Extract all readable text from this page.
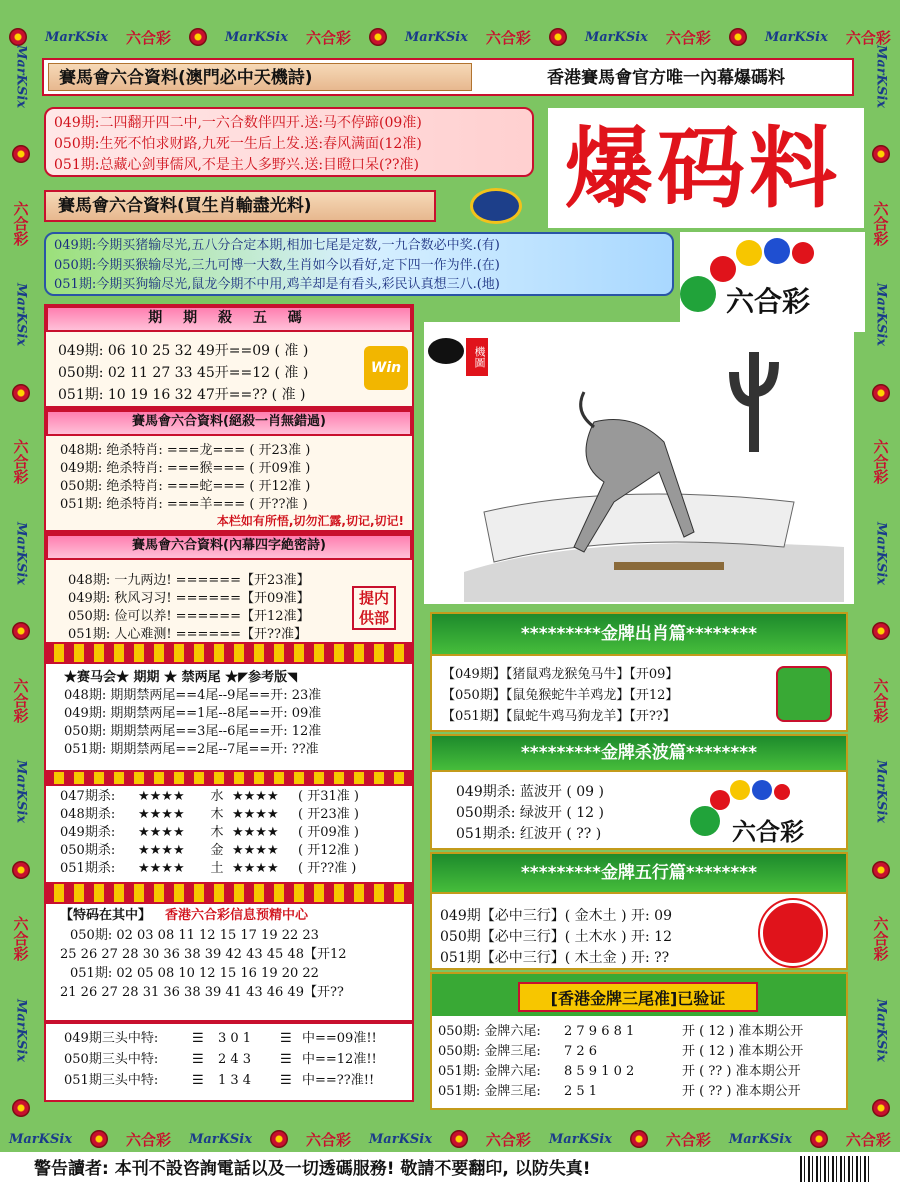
MarKSix 六合彩	MarKSix 六合彩	MarKSix 六合彩	MarKSix 六合彩	MarKSix 六合彩
MarKSix	六合彩 MarKSix	六合彩 MarKSix	六合彩 MarKSix	六合彩 MarKSix	六合彩
MarKSix
六合彩
MarKSix
六合彩
MarKSix
六合彩
MarKSix
六合彩
MarKSix
MarKSix
六合彩
MarKSix
六合彩
MarKSix
六合彩
MarKSix
六合彩
MarKSix
賽馬會六合資料(澳門必中天機詩)	香港賽馬會官方唯一內幕爆碼料
049期:二四翻开四二中,一六合数伴四开.送:马不停蹄(09准)
050期:生死不怕求财路,九死一生后上发.送:春风满面(12准)
051期:总藏心剑事儒风,不是主人多野兴.送:目瞪口呆(??准)	爆码料
賽馬會六合資料(買生肖輸盡光料)
049期:今期买猪输尽光,五八分合定本期,相加七尾是定数,一九合数必中奖.(有)
050期:今期买猴输尽光,三九可博一大数,生肖如今以看好,定下四一作为伴.(在)
051期:今期买狗输尽光,鼠龙今期不中用,鸡羊却是有看头,彩民认真想三八.(地)
六合彩
期 期 殺 五 碼
049期: 06 10 25 32 49开==09 ( 准 )
050期: 02 11 27 33 45开==12 ( 准 )
051期: 10 19 16 32 47开==?? ( 准 )
Win
賽馬會六合資料(絕殺一肖無錯過)
048期: 绝杀特肖: ===龙=== ( 开23准 )
049期: 绝杀特肖: ===猴=== ( 开09准 )
050期: 绝杀特肖: ===蛇=== ( 开12准 )
051期: 绝杀特肖: ===羊=== ( 开??准 )
本栏如有所悟,切勿汇露,切记,切记!
賽馬會六合資料(內幕四字絶密詩)
048期: 一九两边! ======【开23准】
049期: 秋风习习! ======【开09准】
050期: 俭可以养! ======【开12准】
051期: 人心难测! ======【开??准】
提内供部
★赛马会★ 期期 ★ 禁两尾 ★◤参考版◥
048期: 期期禁两尾==4尾--9尾==开: 23准
049期: 期期禁两尾==1尾--8尾==开: 09准
050期: 期期禁两尾==3尾--6尾==开: 12准
051期: 期期禁两尾==2尾--7尾==开: ??准
047期杀:	★★★★	水 ★★★★	( 开31准 )
048期杀:	★★★★	木 ★★★★	( 开23准 )
049期杀:	★★★★	木 ★★★★	( 开09准 )
050期杀:	★★★★	金 ★★★★	( 开12准 )
051期杀:	★★★★	土 ★★★★	( 开??准 )
【特码在其中】 香港六合彩信息预精中心
050期: 02 03 08 11 12 15 17 19 22 23
25 26 27 28 30 36 38 39 42 43 45 48【开12
051期: 02 05 08 10 12 15 16 19 20 22
21 26 27 28 31 36 38 39 41 43 46 49【开??
049期三头中特:	☰	3 0 1	☰ 中==09准!!
050期三头中特:	☰	2 4 3	☰ 中==12准!!
051期三头中特:	☰	1 3 4	☰ 中==??准!!
機圖
*********金牌出肖篇********
【049期】【猪鼠鸡龙猴兔马牛】【开09】
【050期】【鼠兔猴蛇牛羊鸡龙】【开12】
【051期】【鼠蛇牛鸡马狗龙羊】【开??】
*********金牌杀波篇********
049期杀: 蓝波开 ( 09 )
050期杀: 绿波开 ( 12 )
051期杀: 红波开 ( ?? )	六合彩
*********金牌五行篇********
049期【必中三行】( 金木土 ) 开: 09
050期【必中三行】( 土木水 ) 开: 12
051期【必中三行】( 木土金 ) 开: ??
[香港金牌三尾准]已验证
050期: 金牌六尾:	2 7 9 6 8 1	开 ( 12 ) 准本期公开
050期: 金牌三尾:	7 2 6	开 ( 12 ) 准本期公开
051期: 金牌六尾:	8 5 9 1 0 2	开 ( ?? ) 准本期公开
051期: 金牌三尾:	2 5 1	开 ( ?? ) 准本期公开
警告讀者: 本刊不設咨詢電話以及一切透碼服務! 敬請不要翻印, 以防失真!
